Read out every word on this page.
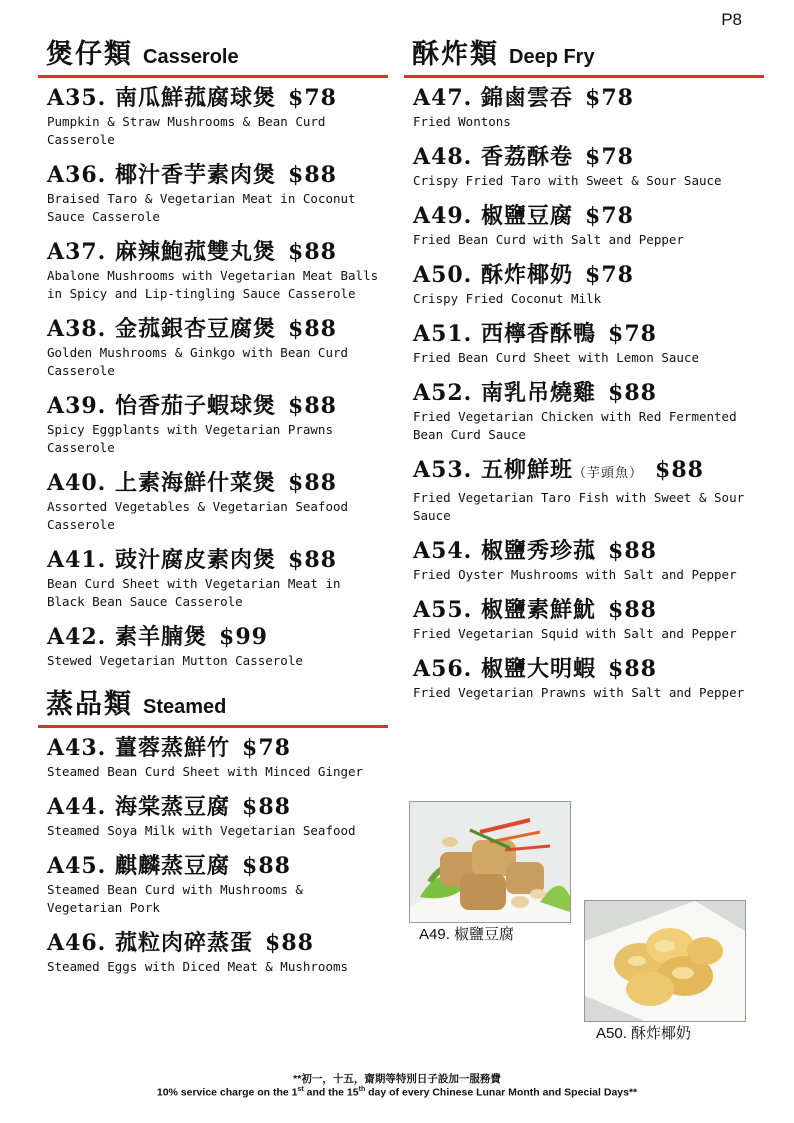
P8
煲仔類 Casserole
A35. 南瓜鮮菰腐球煲 $78
Pumpkin & Straw Mushrooms & Bean Curd
Casserole
A36. 椰汁香芋素肉煲 $88
Braised Taro & Vegetarian Meat in Coconut
Sauce Casserole
A37. 麻辣鮑菰雙丸煲 $88
Abalone Mushrooms with Vegetarian Meat Balls
in Spicy and Lip-tingling Sauce Casserole
A38. 金菰銀杏豆腐煲 $88
Golden Mushrooms & Ginkgo with Bean Curd
Casserole
A39. 怡香茄子蝦球煲 $88
Spicy Eggplants with Vegetarian Prawns
Casserole
A40. 上素海鮮什菜煲 $88
Assorted Vegetables & Vegetarian Seafood
Casserole
A41. 豉汁腐皮素肉煲 $88
Bean Curd Sheet with Vegetarian Meat in
Black Bean Sauce Casserole
A42. 素羊腩煲 $99
Stewed Vegetarian Mutton Casserole
蒸品類 Steamed
A43. 薑蓉蒸鮮竹 $78
Steamed Bean Curd Sheet with Minced Ginger
A44. 海棠蒸豆腐 $88
Steamed Soya Milk with Vegetarian Seafood
A45. 麒麟蒸豆腐 $88
Steamed Bean Curd with Mushrooms &
Vegetarian Pork
A46. 菰粒肉碎蒸蛋 $88
Steamed Eggs with Diced Meat & Mushrooms
酥炸類 Deep Fry
A47. 錦鹵雲吞 $78
Fried Wontons
A48. 香荔酥卷 $78
Crispy Fried Taro with Sweet & Sour Sauce
A49. 椒鹽豆腐 $78
Fried Bean Curd with Salt and Pepper
A50. 酥炸椰奶 $78
Crispy Fried Coconut Milk
A51. 西檸香酥鴨 $78
Fried Bean Curd Sheet with Lemon Sauce
A52. 南乳吊燒雞 $88
Fried Vegetarian Chicken with Red Fermented
Bean Curd Sauce
A53. 五柳鮮班（芋頭魚） $88
Fried Vegetarian Taro Fish with Sweet & Sour
Sauce
A54. 椒鹽秀珍菰 $88
Fried Oyster Mushrooms with Salt and Pepper
A55. 椒鹽素鮮魷 $88
Fried Vegetarian Squid with Salt and Pepper
A56. 椒鹽大明蝦 $88
Fried Vegetarian Prawns with Salt and Pepper
A49. 椒鹽豆腐
A50. 酥炸椰奶
**初一，十五，齋期等特別日子設加一服務費
10% service charge on the 1st and the 15th day of every Chinese Lunar Month and Special Days**
